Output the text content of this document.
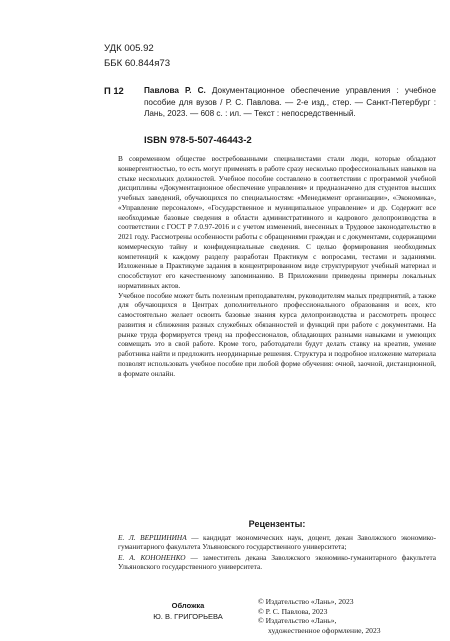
УДК 005.92
ББК 60.844я73
П 12 Павлова Р. С. Документационное обеспечение управления : учебное пособие для вузов / Р. С. Павлова. — 2-е изд., стер. — Санкт-Петербург : Лань, 2023. — 608 с. : ил. — Текст : непосредственный.
ISBN 978-5-507-46443-2

В современном обществе востребованными специалистами стали люди, которые обладают конвергентностью, то есть могут применять в работе сразу несколько профессиональных навыков на стыке нескольких должностей. Учебное пособие составлено в соответствии с программой учебной дисциплины «Документационное обеспечение управления» и предназначено для студентов высших учебных заведений, обучающихся по специальностям: «Менеджмент организации», «Экономика», «Управление персоналом», «Государственное и муниципальное управление» и др. Содержит все необходимые базовые сведения в области административного и кадрового делопроизводства в соответствии с ГОСТ Р 7.0.97-2016 и с учетом изменений, внесенных в Трудовое законодательство в 2021 году. Рассмотрены особенности работы с обращениями граждан и с документами, содержащими коммерческую тайну и конфиденциальные сведения. С целью формирования необходимых компетенций к каждому разделу разработан Практикум с вопросами, тестами и заданиями. Изложенные в Практикуме задания в концентрированном виде структурируют учебный материал и способствуют его качественному запоминанию. В Приложении приведены примеры локальных нормативных актов.

Учебное пособие может быть полезным преподавателям, руководителям малых предприятий, а также для обучающихся в Центрах дополнительного профессионального образования и всех, кто самостоятельно желает освоить базовые знания курса делопроизводства и рассмотреть процесс развития и сближения разных служебных обязанностей и функций при работе с документами. На рынке труда формируется тренд на профессионалов, обладающих разными навыками и умеющих совмещать это в свой работе. Кроме того, работодатели будут делать ставку на креатив, умение работника найти и предложить неординарные решения. Структура и подробное изложение материала позволят использовать учебное пособие при любой форме обучения: очной, заочной, дистанционной, в формате онлайн.

Рецензенты:
Е. Л. ВЕРШИНИНА — кандидат экономических наук, доцент, декан Заволжского экономико-гуманитарного факультета Ульяновского государственного университета;
Е. А. КОНОНЕНКО — заместитель декана Заволжского экономико-гуманитарного факультета Ульяновского государственного университета.
Обложка
Ю. В. ГРИГОРЬЕВА
© Издательство «Лань», 2023
© Р. С. Павлова, 2023
© Издательство «Лань»,
художественное оформление, 2023
